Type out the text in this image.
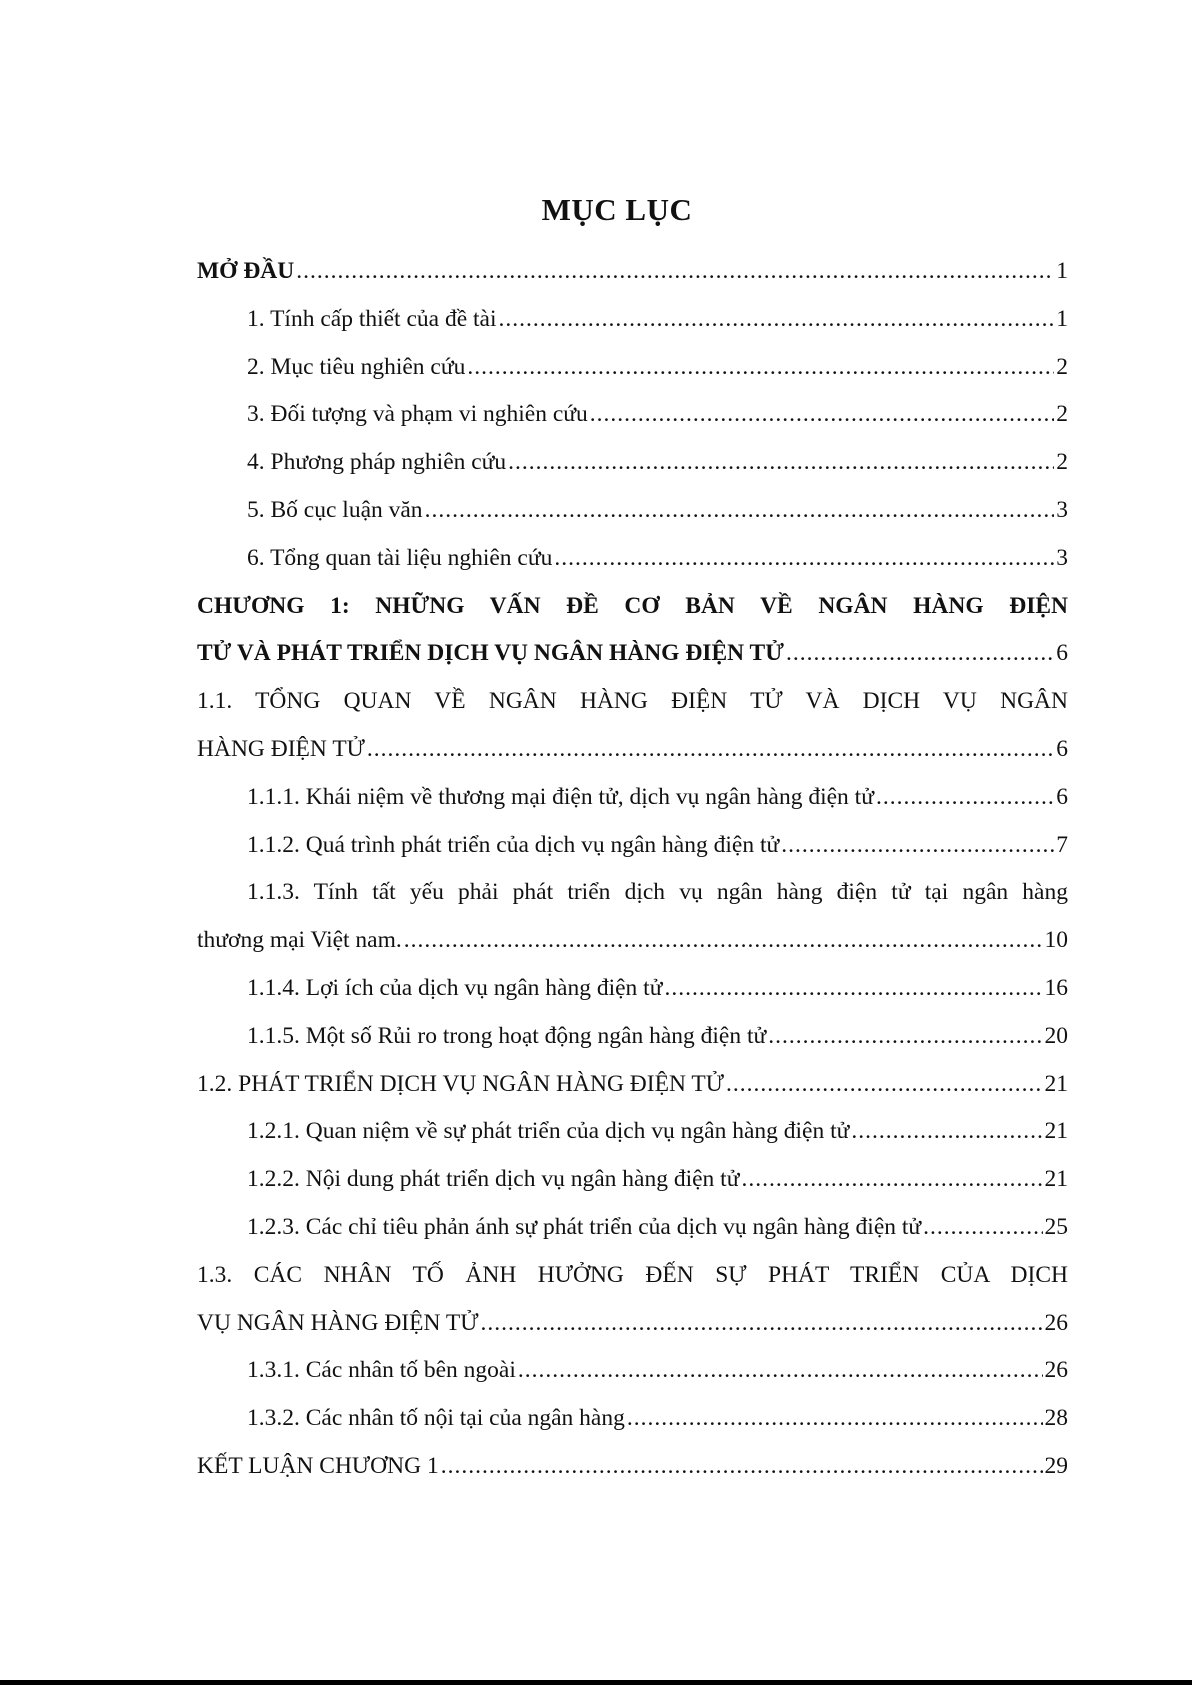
MỤC LỤC
MỞ ĐẦU .....	1
1. Tính cấp thiết của đề tài .....	1
2. Mục tiêu nghiên cứu .....	2
3. Đối tượng và phạm vi nghiên cứu .....	2
4. Phương pháp nghiên cứu .....	2
5. Bố cục luận văn .....	3
6. Tổng quan tài liệu nghiên cứu .....	3
CHƯƠNG 1: NHỮNG VẤN ĐỀ CƠ BẢN VỀ NGÂN HÀNG ĐIỆN
TỬ VÀ PHÁT TRIỂN DỊCH VỤ NGÂN HÀNG ĐIỆN TỬ .....	6
1.1. TỔNG QUAN VỀ NGÂN HÀNG ĐIỆN TỬ VÀ DỊCH VỤ NGÂN
HÀNG ĐIỆN TỬ .....	6
1.1.1. Khái niệm về thương mại điện tử, dịch vụ ngân hàng điện tử .....	6
1.1.2. Quá trình phát triển của dịch vụ ngân hàng điện tử .....	7
1.1.3. Tính tất yếu phải phát triển dịch vụ ngân hàng điện tử tại ngân hàng
thương mại Việt nam. .....	10
1.1.4. Lợi ích của dịch vụ ngân hàng điện tử .....	16
1.1.5. Một số Rủi ro trong hoạt động ngân hàng điện tử .....	20
1.2. PHÁT TRIỂN DỊCH VỤ NGÂN HÀNG ĐIỆN TỬ .....	21
1.2.1. Quan niệm về sự phát triển của dịch vụ ngân hàng điện tử .....	21
1.2.2. Nội dung phát triển dịch vụ ngân hàng điện tử .....	21
1.2.3. Các chỉ tiêu phản ánh sự phát triển của dịch vụ ngân hàng điện tử .....	25
1.3. CÁC NHÂN TỐ ẢNH HƯỞNG ĐẾN SỰ PHÁT TRIỂN CỦA DỊCH
VỤ NGÂN HÀNG ĐIỆN TỬ .....	26
1.3.1. Các nhân tố bên ngoài .....	26
1.3.2. Các nhân tố nội tại của ngân hàng .....	28
KẾT LUẬN CHƯƠNG 1 .....	29
